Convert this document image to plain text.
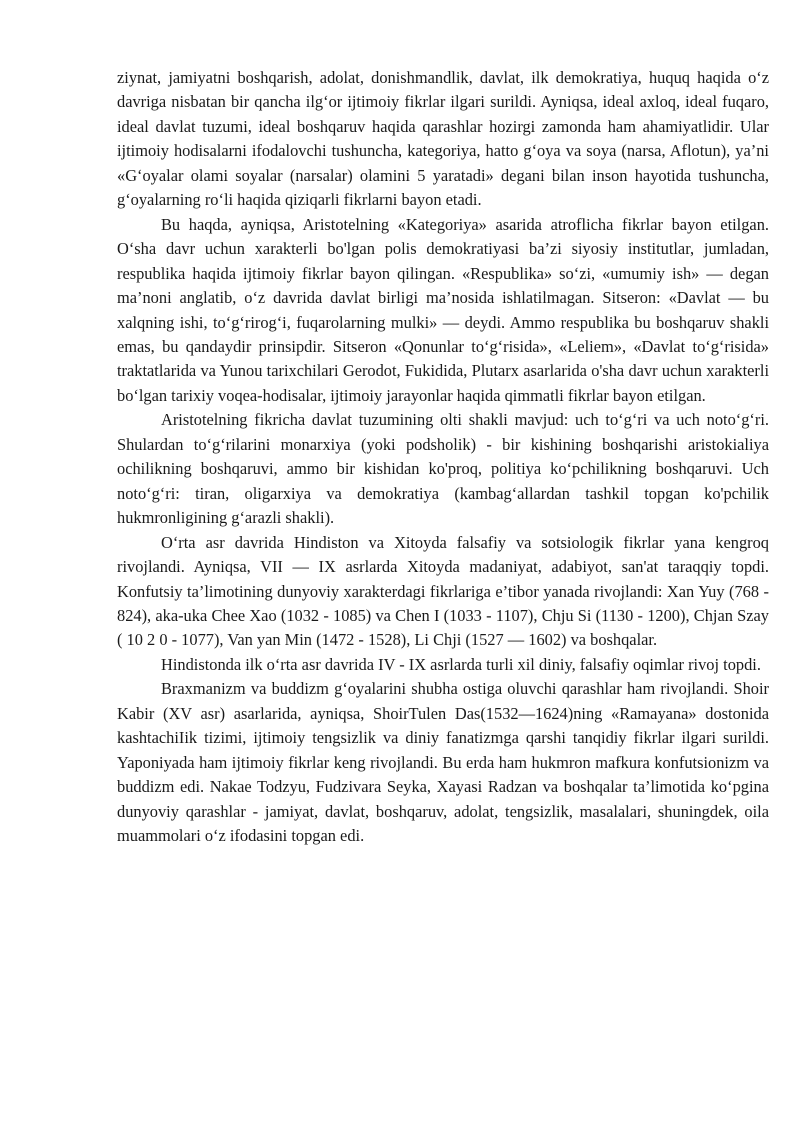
ziynat, jamiyatni boshqarish, adolat, donishmandlik, davlat, ilk demokratiya, huquq haqida o‘z davriga nisbatan bir qancha ilg‘or ijtimoiy fikrlar ilgari surildi. Ayniqsa, ideal axloq, ideal fuqaro, ideal davlat tuzumi, ideal boshqaruv haqida qarashlar hozirgi zamonda ham ahamiyatlidir. Ular ijtimoiy hodisalarni ifodalovchi tushuncha, kategoriya, hatto g‘oya va soya (narsa, Aflotun), ya’ni «G‘oyalar olami soyalar (narsalar) olamini 5 yaratadi» degani bilan inson hayotida tushuncha, g‘oyalarning ro‘li haqida qiziqarli fikrlarni bayon etadi.

Bu haqda, ayniqsa, Aristotelning «Kategoriya» asarida atroflicha fikrlar bayon etilgan. O‘sha davr uchun xarakterli bo'lgan polis demokratiyasi ba’zi siyosiy institutlar, jumladan, respublika haqida ijtimoiy fikrlar bayon qilingan. «Respublika» so‘zi, «umumiy ish» — degan ma’noni anglatib, o‘z davrida davlat birligi ma’nosida ishlatilmagan. Sitseron: «Davlat — bu xalqning ishi, to‘g‘rirog‘i, fuqarolarning mulki» — deydi. Ammo respublika bu boshqaruv shakli emas, bu qandaydir prinsipdir. Sitseron «Qonunlar to‘g‘risida», «Leliem», «Davlat to‘g‘risida» traktatlarida va Yunou tarixchilari Gerodot, Fukidida, Plutarx asarlarida o'sha davr uchun xarakterli bo‘lgan tarixiy voqea-hodisalar, ijtimoiy jarayonlar haqida qimmatli fikrlar bayon etilgan.

Aristotelning fikricha davlat tuzumining olti shakli mavjud: uch to‘g‘ri va uch noto‘g‘ri. Shulardan to‘g‘rilarini monarxiya (yoki podsholik) - bir kishining boshqarishi aristokialiya ochilikning boshqaruvi, ammo bir kishidan ko'proq, politiya ko‘pchilikning boshqaruvi. Uch noto‘g‘ri: tiran, oligarxiya va demokratiya (kambag‘allardan tashkil topgan ko'pchilik hukmronligining g‘arazli shakli).

O‘rta asr davrida Hindiston va Xitoyda falsafiy va sotsiologik fikrlar yana kengroq rivojlandi. Ayniqsa, VII — IX asrlarda Xitoyda madaniyat, adabiyot, san'at taraqqiy topdi. Konfutsiy ta’limotining dunyoviy xarakterdagi fikrlariga e’tibor yanada rivojlandi: Xan Yuy (768 - 824), aka-uka Chee Xao (1032 - 1085) va Chen I (1033 - 1107), Chju Si (1130 - 1200), Chjan Szay ( 10 2 0 - 1077), Van yan Min (1472 - 1528), Li Chji (1527 — 1602) va boshqalar.

Hindistonda ilk o‘rta asr davrida IV - IX asrlarda turli xil diniy, falsafiy oqimlar rivoj topdi.

Braxmanizm va buddizm g‘oyalarini shubha ostiga oluvchi qarashlar ham rivojlandi. Shoir Kabir (XV asr) asarlarida, ayniqsa, ShoirTulen Das(1532—1624)ning «Ramayana» dostonida kashtachiIik tizimi, ijtimoiy tengsizlik va diniy fanatizmga qarshi tanqidiy fikrlar ilgari surildi. Yaponiyada ham ijtimoiy fikrlar keng rivojlandi. Bu erda ham hukmron mafkura konfutsionizm va buddizm edi. Nakae Todzyu, Fudzivara Seyka, Xayasi Radzan va boshqalar ta’limotida ko‘pgina dunyoviy qarashlar - jamiyat, davlat, boshqaruv, adolat, tengsizlik, masalalari, shuningdek, oila muammolari o‘z ifodasini topgan edi.
